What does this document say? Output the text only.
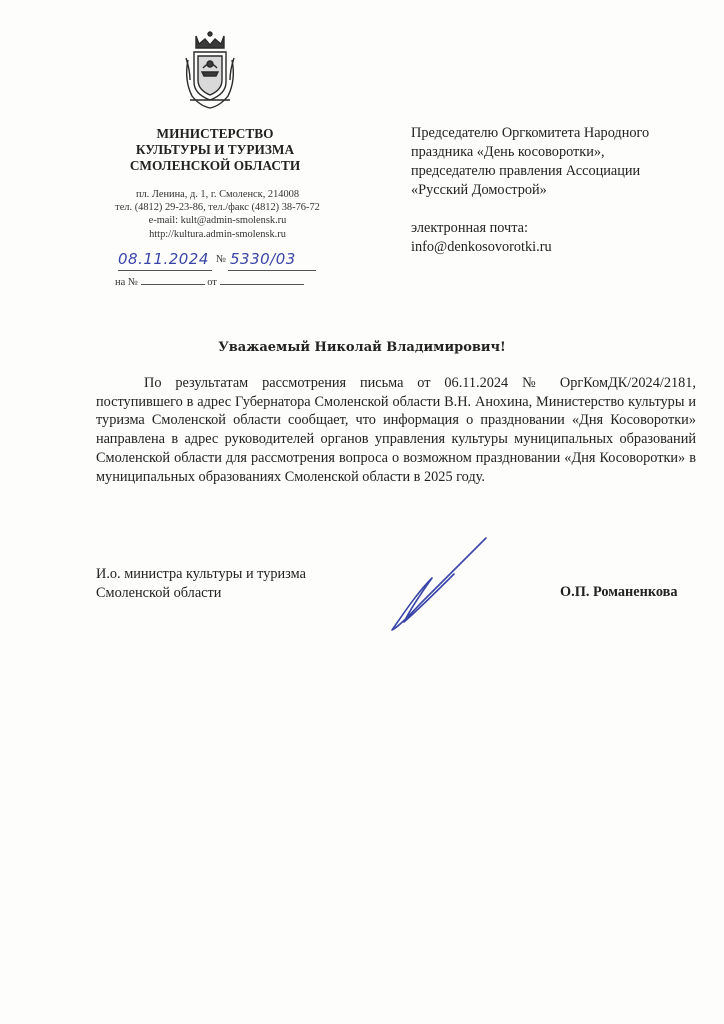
МИНИСТЕРСТВО
КУЛЬТУРЫ И ТУРИЗМА
СМОЛЕНСКОЙ ОБЛАСТИ
пл. Ленина, д. 1, г. Смоленск, 214008
тел. (4812) 29-23-86, тел./факс (4812) 38-76-72
e-mail: kult@admin-smolensk.ru
http://kultura.admin-smolensk.ru
08.11.2024 № 5330/03
на №	от
Председателю Оргкомитета Народного
праздника «День косоворотки»,
председателю правления Ассоциации
«Русский Домострой»
электронная почта:
info@denkosovorotki.ru
Уважаемый Николай Владимирович!
По результатам рассмотрения письма от 06.11.2024 № ОргКомДК/2024/2181, поступившего в адрес Губернатора Смоленской области В.Н. Анохина, Министерство культуры и туризма Смоленской области сообщает, что информация о праздновании «Дня Косоворотки» направлена в адрес руководителей органов управления культуры муниципальных образований Смоленской области для рассмотрения вопроса о возможном праздновании «Дня Косоворотки» в муниципальных образованиях Смоленской области в 2025 году.
И.о. министра культуры и туризма
Смоленской области	О.П. Романенкова
